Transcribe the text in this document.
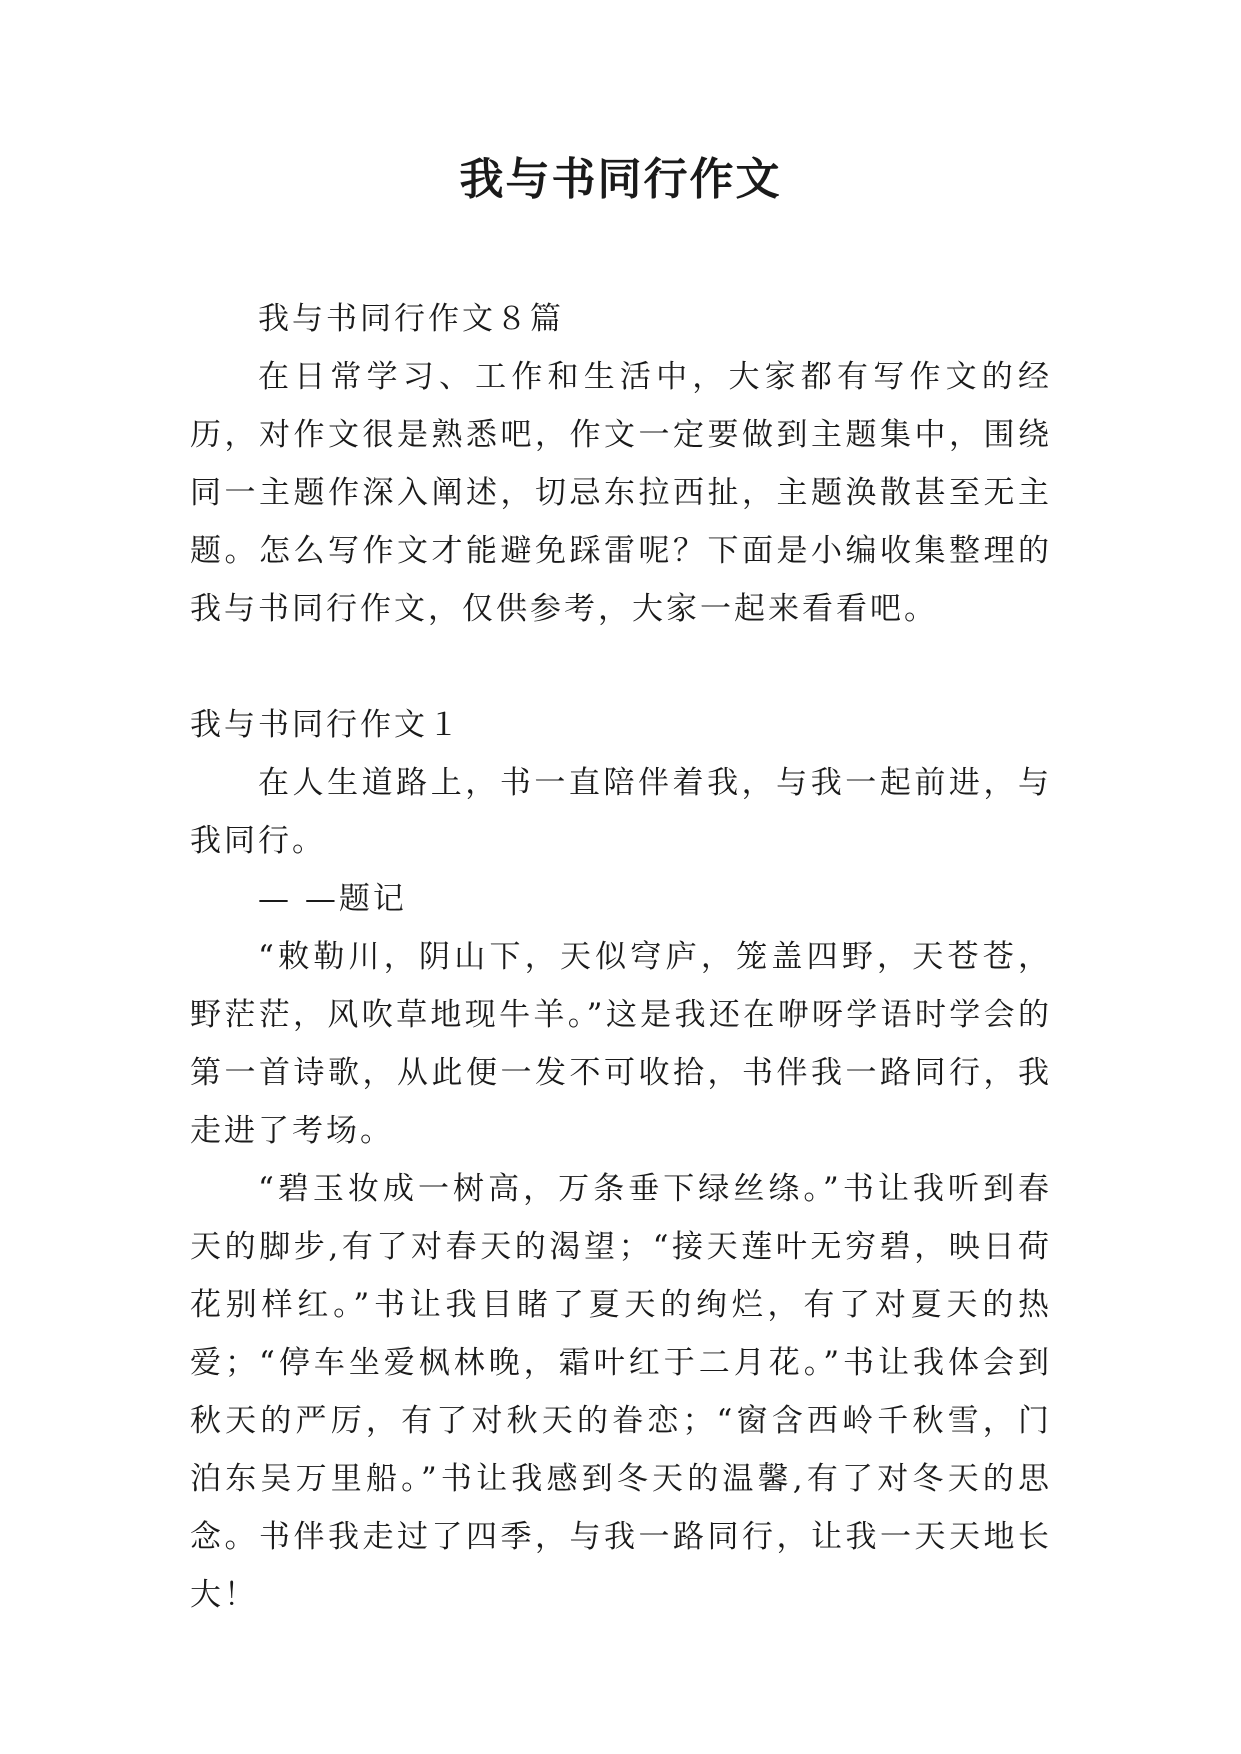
我与书同行作文

我与书同行作文８篇

在日常学习、工作和生活中，大家都有写作文的经历，对作文很是熟悉吧，作文一定要做到主题集中，围绕同一主题作深入阐述，切忌东拉西扯，主题涣散甚至无主题。怎么写作文才能避免踩雷呢？下面是小编收集整理的我与书同行作文，仅供参考，大家一起来看看吧。

我与书同行作文１

在人生道路上，书一直陪伴着我，与我一起前进，与我同行。

— —题记

“敕勒川，阴山下，天似穹庐，笼盖四野，天苍苍，野茫茫，风吹草地现牛羊。”这是我还在咿呀学语时学会的第一首诗歌，从此便一发不可收拾，书伴我一路同行，我走进了考场。

“碧玉妆成一树高，万条垂下绿丝绦。”书让我听到春天的脚步,有了对春天的渴望；“接天莲叶无穷碧，映日荷花别样红。”书让我目睹了夏天的绚烂，有了对夏天的热爱；“停车坐爱枫林晚，霜叶红于二月花。”书让我体会到秋天的严厉，有了对秋天的眷恋；“窗含西岭千秋雪，门泊东吴万里船。”书让我感到冬天的温馨,有了对冬天的思念。书伴我走过了四季，与我一路同行，让我一天天地长大！
